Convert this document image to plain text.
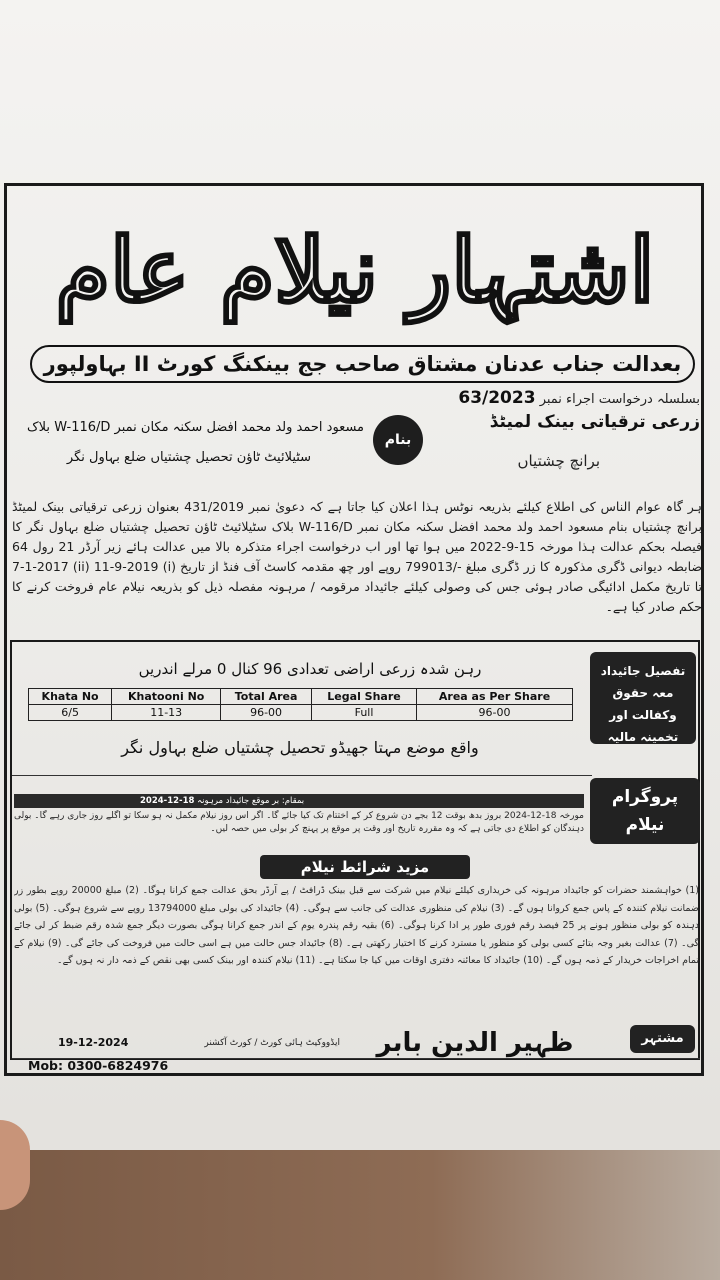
اشتہار نیلام عام
بعدالت جناب عدنان مشتاق صاحب جج بینکنگ کورٹ II بہاولپور
بسلسلہ درخواست اجراء نمبر 63/2023
زرعی ترقیاتی بینک لمیٹڈ
برانچ چشتیاں
بنام
مسعود احمد ولد محمد افضل سکنہ مکان نمبر W-116/D بلاک
سٹیلائیٹ ٹاؤن تحصیل چشتیاں ضلع بہاول نگر
ہر گاہ عوام الناس کی اطلاع کیلئے بذریعہ نوٹس ہذا اعلان کیا جاتا ہے کہ دعویٰ نمبر 431/2019 بعنوان زرعی ترقیاتی بینک لمیٹڈ برانچ چشتیاں بنام مسعود احمد ولد محمد افضل سکنہ مکان نمبر W-116/D بلاک سٹیلائیٹ ٹاؤن تحصیل چشتیاں ضلع بہاول نگر کا فیصلہ بحکم عدالت ہذا مورخہ 15-9-2022 میں ہوا تھا اور اب درخواست اجراء متذکرہ بالا میں عدالت ہائے زیر آرڈر 21 رول 64 ضابطہ دیوانی ڈگری مذکورہ کا زر ڈگری مبلغ -/799013 روپے اور چھ مقدمہ کاسٹ آف فنڈ از تاریخ (i) 7-1-2017 (ii) 11-9-2019 تا تاریخ مکمل ادائیگی صادر ہوئی جس کی وصولی کیلئے جائیداد مرقومہ / مرہونہ مفصلہ ذیل کو بذریعہ نیلام عام فروخت کرنے کا حکم صادر کیا ہے۔
تفصیل جائیداد معہ حقوق وکفالت اور تخمینہ مالیہ
رہن شدہ زرعی اراضی تعدادی 96 کنال 0 مرلے اندریں
Khata No	Khatooni No	Total Area	Legal Share	Area as Per Share
6/5	11-13	96-00	Full	96-00
واقع موضع مہتا جھیڈو تحصیل چشتیاں ضلع بہاول نگر
پروگرام نیلام
بمقام: بر موقع جائیداد مرہونہ 18-12-2024
مورخہ 18-12-2024 بروز بدھ بوقت 12 بجے دن شروع کر کے اختتام تک کیا جائے گا۔ اگر اس روز نیلام مکمل نہ ہو سکا تو اگلے روز جاری رہے گا۔ بولی دہندگان کو اطلاع دی جاتی ہے کہ وہ مقررہ تاریخ اور وقت پر موقع پر پہنچ کر بولی میں حصہ لیں۔
مزید شرائط نیلام
(1) خواہشمند حضرات کو جائیداد مرہونہ کی خریداری کیلئے نیلام میں شرکت سے قبل بینک ڈرافٹ / پے آرڈر بحق عدالت جمع کرانا ہوگا۔ (2) مبلغ 20000 روپے بطور زر ضمانت نیلام کنندہ کے پاس جمع کروانا ہوں گے۔ (3) نیلام کی منظوری عدالت کی جانب سے ہوگی۔ (4) جائیداد کی بولی مبلغ 13794000 روپے سے شروع ہوگی۔ (5) بولی دہندہ کو بولی منظور ہونے پر 25 فیصد رقم فوری طور پر ادا کرنا ہوگی۔ (6) بقیہ رقم پندرہ یوم کے اندر جمع کرانا ہوگی بصورت دیگر جمع شدہ رقم ضبط کر لی جائے گی۔ (7) عدالت بغیر وجہ بتائے کسی بولی کو منظور یا مسترد کرنے کا اختیار رکھتی ہے۔ (8) جائیداد جس حالت میں ہے اسی حالت میں فروخت کی جائے گی۔ (9) نیلام کے تمام اخراجات خریدار کے ذمہ ہوں گے۔ (10) جائیداد کا معائنہ دفتری اوقات میں کیا جا سکتا ہے۔ (11) نیلام کنندہ اور بینک کسی بھی نقص کے ذمہ دار نہ ہوں گے۔
مشتہر
ظہیر الدین بابر
ایڈووکیٹ ہائی کورٹ / کورٹ آکشنر
19-12-2024
Mob: 0300-6824976
